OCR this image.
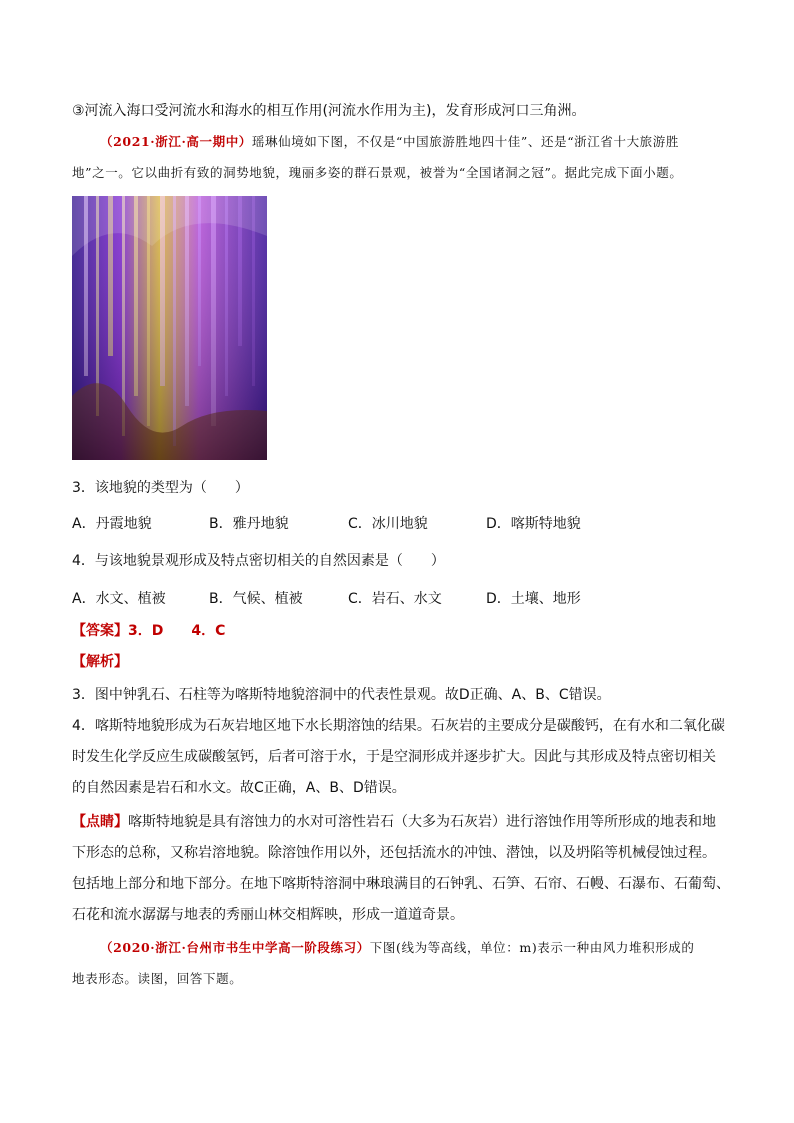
③河流入海口受河流水和海水的相互作用(河流水作用为主)，发育形成河口三角洲。
（2021·浙江·高一期中）瑶琳仙境如下图，不仅是“中国旅游胜地四十佳”、还是“浙江省十大旅游胜
地”之一。它以曲折有致的洞势地貌，瑰丽多姿的群石景观，被誉为“全国诸洞之冠”。据此完成下面小题。
3．该地貌的类型为（　　）
A．丹霞地貌	B．雅丹地貌	C．冰川地貌	D．喀斯特地貌
4．与该地貌景观形成及特点密切相关的自然因素是（　　）
A．水文、植被	B．气候、植被	C．岩石、水文	D．土壤、地形
【答案】3．D　　4．C
【解析】
3．图中钟乳石、石柱等为喀斯特地貌溶洞中的代表性景观。故D正确、A、B、C错误。
4．喀斯特地貌形成为石灰岩地区地下水长期溶蚀的结果。石灰岩的主要成分是碳酸钙，在有水和二氧化碳
时发生化学反应生成碳酸氢钙，后者可溶于水，于是空洞形成并逐步扩大。因此与其形成及特点密切相关
的自然因素是岩石和水文。故C正确，A、B、D错误。
【点睛】喀斯特地貌是具有溶蚀力的水对可溶性岩石（大多为石灰岩）进行溶蚀作用等所形成的地表和地
下形态的总称，又称岩溶地貌。除溶蚀作用以外，还包括流水的冲蚀、潜蚀，以及坍陷等机械侵蚀过程。
包括地上部分和地下部分。在地下喀斯特溶洞中琳琅满目的石钟乳、石笋、石帘、石幔、石瀑布、石葡萄、
石花和流水潺潺与地表的秀丽山林交相辉映，形成一道道奇景。
（2020·浙江·台州市书生中学高一阶段练习）下图(线为等高线，单位：m)表示一种由风力堆积形成的
地表形态。读图，回答下题。
